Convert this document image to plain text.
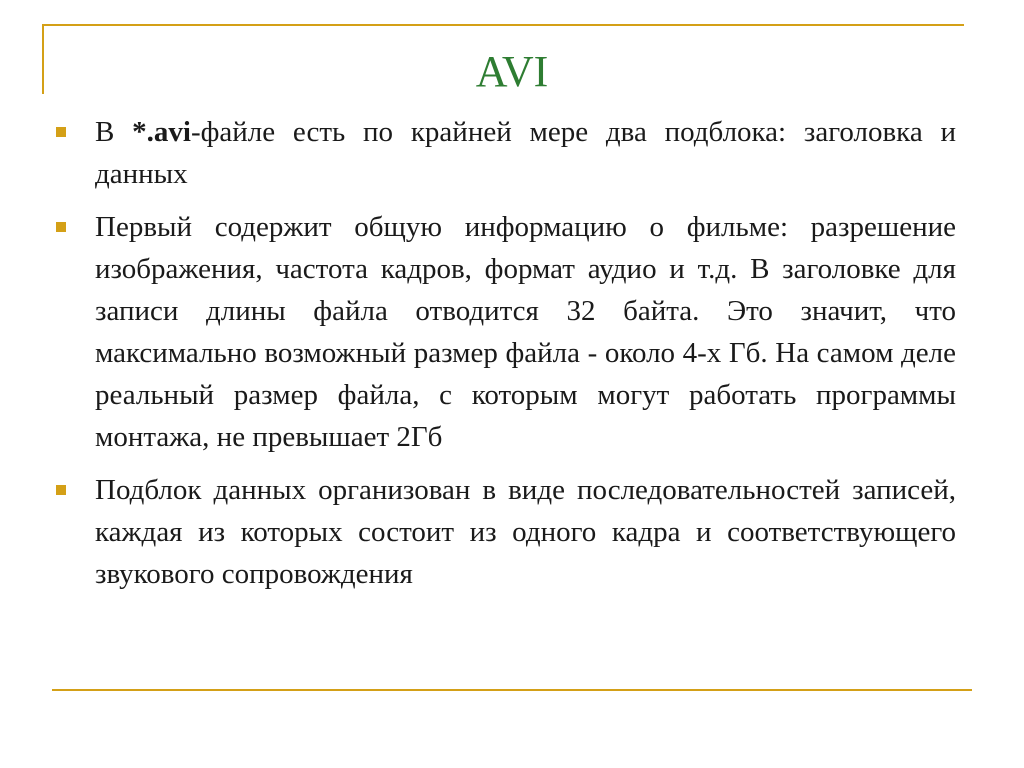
AVI
В *.avi-файле есть по крайней мере два подблока: заголовка и данных
Первый содержит общую информацию о фильме: разрешение изображения, частота кадров, формат аудио и т.д. В заголовке для записи длины файла отводится 32 байта. Это значит, что максимально возможный размер файла - около 4-х Гб. На самом деле реальный размер файла, с которым могут работать программы монтажа, не превышает 2Гб
Подблок данных организован в виде последовательностей записей, каждая из которых состоит из одного кадра и соответствующего звукового сопровождения
